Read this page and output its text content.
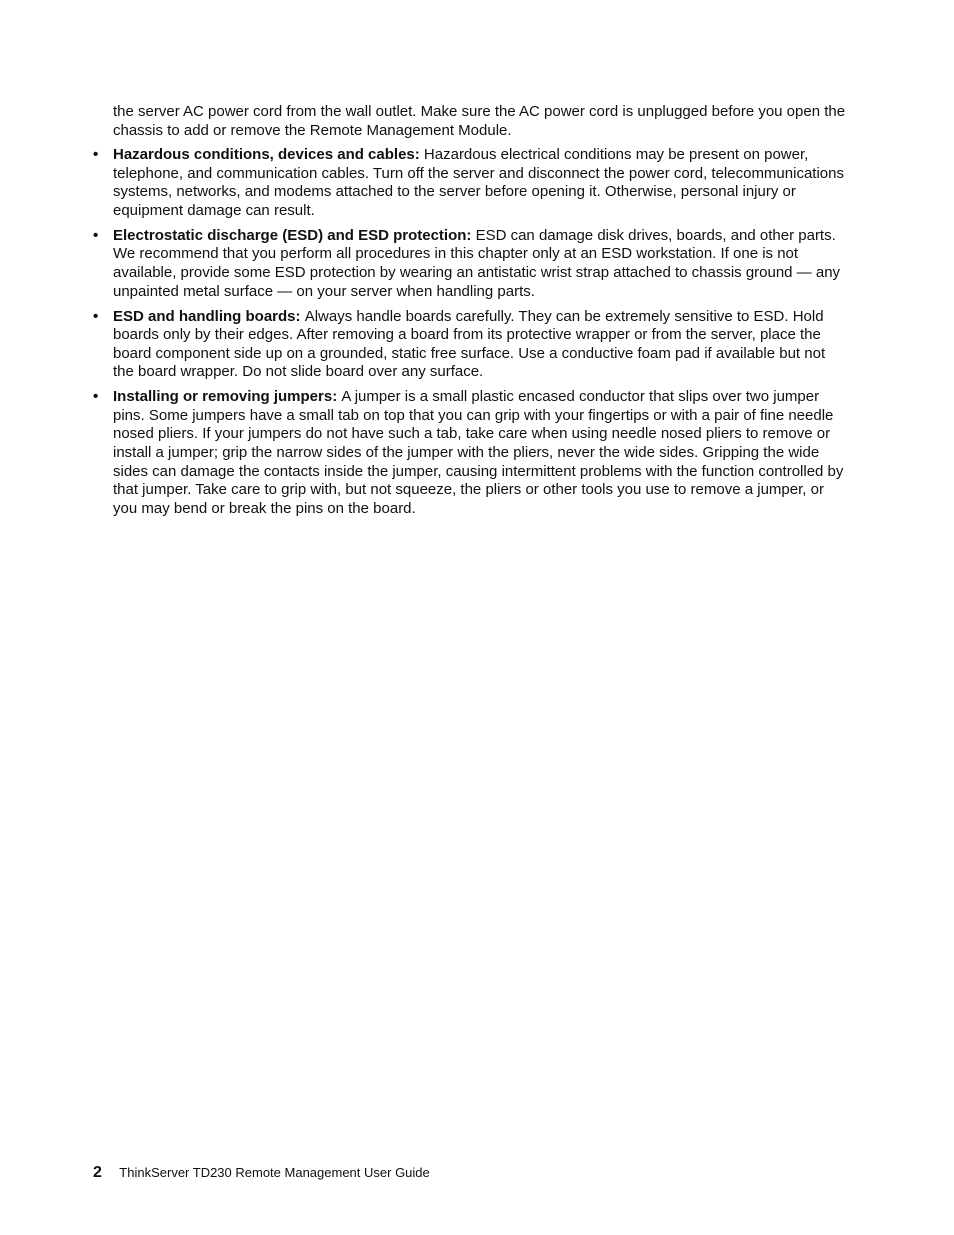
the server AC power cord from the wall outlet. Make sure the AC power cord is unplugged before you open the chassis to add or remove the Remote Management Module.

• Hazardous conditions, devices and cables: Hazardous electrical conditions may be present on power, telephone, and communication cables. Turn off the server and disconnect the power cord, telecommunications systems, networks, and modems attached to the server before opening it. Otherwise, personal injury or equipment damage can result.
• Electrostatic discharge (ESD) and ESD protection: ESD can damage disk drives, boards, and other parts. We recommend that you perform all procedures in this chapter only at an ESD workstation. If one is not available, provide some ESD protection by wearing an antistatic wrist strap attached to chassis ground — any unpainted metal surface — on your server when handling parts.
• ESD and handling boards: Always handle boards carefully. They can be extremely sensitive to ESD. Hold boards only by their edges. After removing a board from its protective wrapper or from the server, place the board component side up on a grounded, static free surface. Use a conductive foam pad if available but not the board wrapper. Do not slide board over any surface.
• Installing or removing jumpers: A jumper is a small plastic encased conductor that slips over two jumper pins. Some jumpers have a small tab on top that you can grip with your fingertips or with a pair of fine needle nosed pliers. If your jumpers do not have such a tab, take care when using needle nosed pliers to remove or install a jumper; grip the narrow sides of the jumper with the pliers, never the wide sides. Gripping the wide sides can damage the contacts inside the jumper, causing intermittent problems with the function controlled by that jumper. Take care to grip with, but not squeeze, the pliers or other tools you use to remove a jumper, or you may bend or break the pins on the board.
2 ThinkServer TD230 Remote Management User Guide
